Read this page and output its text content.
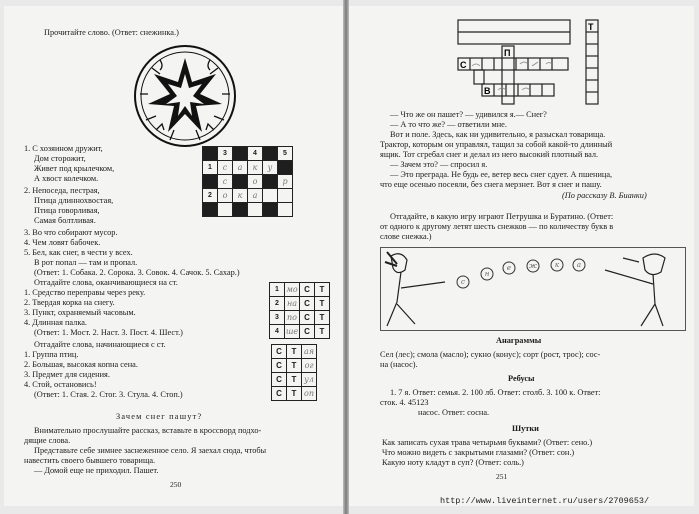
Прочитайте слово. (Ответ: снежинка.)
1. С хозяином дружит,
Дом сторожит,
Живет под крылечком,
А хвост колечком.
2. Непоседа, пестрая,
Птица длиннохвостая,
Птица говорливая,
Самая болтливая.
3. Во что собирают мусор.
4. Чем ловят бабочек.
5. Бел, как снег, в чести у всех.
В рот попал — там и пропал.
(Ответ: 1. Собака. 2. Сорока. 3. Совок. 4. Сачок. 5. Сахар.)
	3		4		5
1	с	а	к	у	
	с		о		р
2	о	к	а		

Отгадайте слова, оканчивающиеся на ст.
1. Средство переправы через реку.
2. Твердая корка на снегу.
3. Пункт, охраняемый часовым.
4. Длинная палка.
(Ответ: 1. Мост. 2. Наст. 3. Пост. 4. Шест.)
1	мо	С	Т
2	на	С	Т
3	по	С	Т
4	ше	С	Т
Отгадайте слова, начинающиеся с ст.
1. Группа птиц.
2. Большая, высокая копна сена.
3. Предмет для сидения.
4. Стой, остановись!
(Ответ: 1. Стая. 2. Стог. 3. Стула. 4. Стоп.)
С	Т	ая
С	Т	ог
С	Т	ул
С	Т	оп
Зачем снег пашут?
Внимательно прослушайте рассказ, вставьте в кроссворд подхо-
дящие слова.
Представьте себе зимнее заснеженное село. Я заехал сюда, чтобы
навестить своего бывшего товарища.
— Домой еще не приходил. Пашет.
250
Т
П
С
В
— Что же он пашет? — удивился я.— Снег?
— А то что же? — ответили мне.
Вот и поле. Здесь, как ни удивительно, я разыскал товарища.
Трактор, которым он управлял, тащил за собой какой-то длинный
ящик. Тот сгребал снег и делал из него высокий плотный вал.
— Зачем это? — спросил я.
— Это преграда. Не будь ее, ветер весь снег сдует. А пшеница,
что еще осенью посеяли, без снега мерзнет. Вот я снег и пашу.
(По рассказу В. Бианки)
Отгадайте, в какую игру играют Петрушка и Буратино. (Ответ:
от одного к другому летят шесть снежков — по количеству букв в
слове снежка.)
с
н
е	ж	к	а
Анаграммы
Сел (лес); смола (масло); сукно (конус); сорт (рост, трос); сос-
на (насос).
Ребусы
1. 7 я. Ответ: семья. 2. 100 лб. Ответ: столб. 3. 100 к. Ответ:
сток. 4. 45123
насос. Ответ: сосна.
Шутки
Как записать сухая трава четырьмя буквами? (Ответ: сено.)
Что можно видеть с закрытыми глазами? (Ответ: сон.)
Какую ноту кладут в суп? (Ответ: соль.)
251
http://www.liveinternet.ru/users/2709653/
